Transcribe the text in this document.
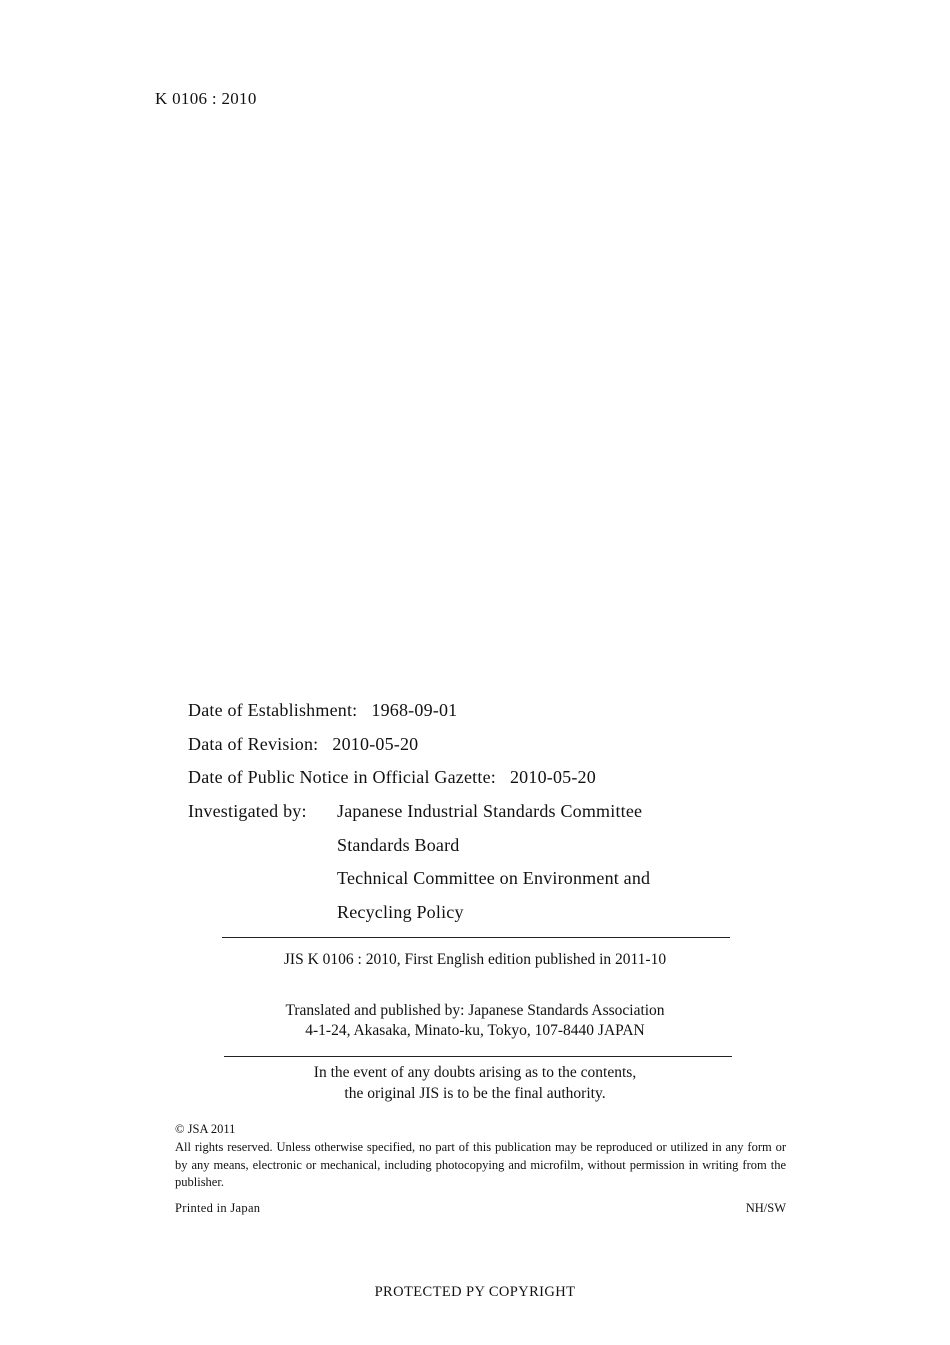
K 0106 : 2010
Date of Establishment: 1968-09-01
Data of Revision: 2010-05-20
Date of Public Notice in Official Gazette: 2010-05-20
Investigated by: Japanese Industrial Standards Committee
Standards Board
Technical Committee on Environment and
Recycling Policy
JIS K 0106 : 2010, First English edition published in 2011-10
Translated and published by: Japanese Standards Association
4-1-24, Akasaka, Minato-ku, Tokyo, 107-8440 JAPAN
In the event of any doubts arising as to the contents,
the original JIS is to be the final authority.
© JSA 2011
All rights reserved. Unless otherwise specified, no part of this publication may be reproduced or utilized in any form or by any means, electronic or mechanical, including photocopying and microfilm, without permission in writing from the publisher.
Printed in Japan	NH/SW
PROTECTED PY COPYRIGHT
